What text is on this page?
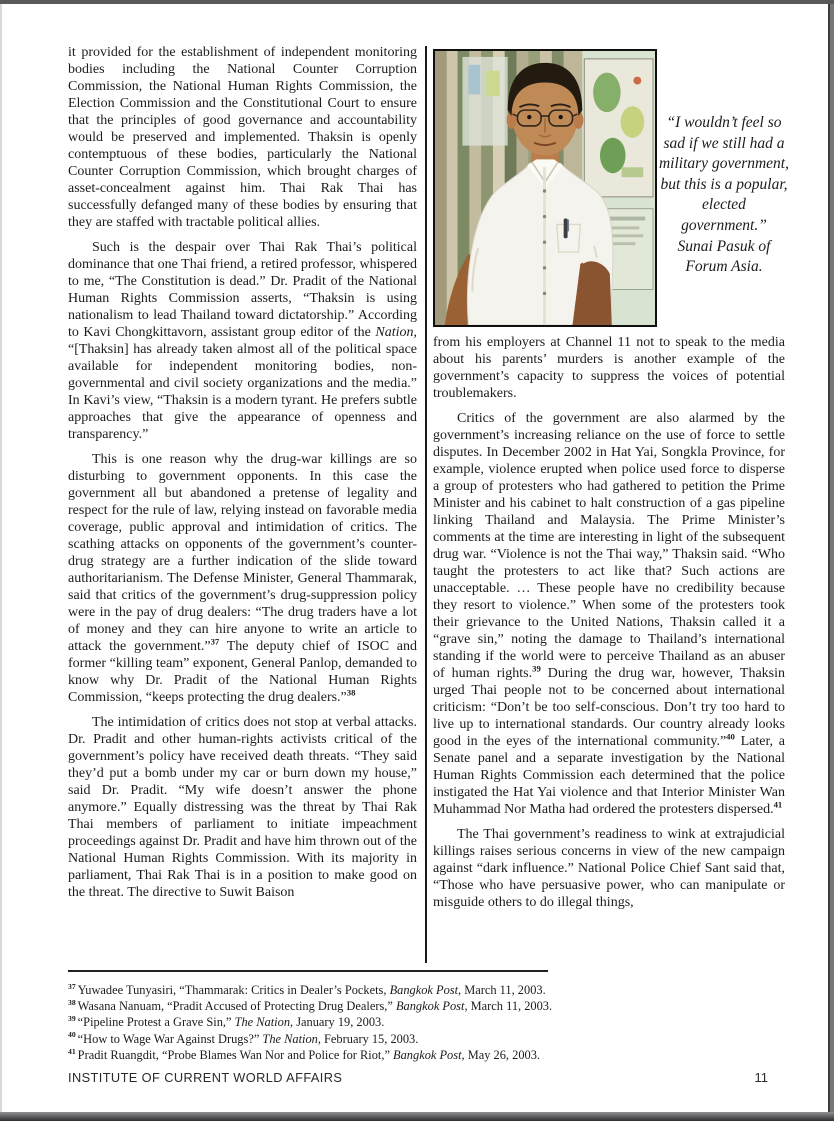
it provided for the establishment of independent monitoring bodies including the National Counter Corruption Commission, the National Human Rights Commission, the Election Commission and the Constitutional Court to ensure that the principles of good governance and accountability would be preserved and implemented. Thaksin is openly contemptuous of these bodies, particularly the National Counter Corruption Commission, which brought charges of asset-concealment against him. Thai Rak Thai has successfully defanged many of these bodies by ensuring that they are staffed with tractable political allies.

Such is the despair over Thai Rak Thai’s political dominance that one Thai friend, a retired professor, whispered to me, “The Constitution is dead.” Dr. Pradit of the National Human Rights Commission asserts, “Thaksin is using nationalism to lead Thailand toward dictatorship.” According to Kavi Chongkittavorn, assistant group editor of the Nation, “[Thaksin] has already taken almost all of the political space available for independent monitoring bodies, non-governmental and civil society organizations and the media.” In Kavi’s view, “Thaksin is a modern tyrant. He prefers subtle approaches that give the appearance of openness and transparency.”

This is one reason why the drug-war killings are so disturbing to government opponents. In this case the government all but abandoned a pretense of legality and respect for the rule of law, relying instead on favorable media coverage, public approval and intimidation of critics. The scathing attacks on opponents of the government’s counter-drug strategy are a further indication of the slide toward authoritarianism. The Defense Minister, General Thammarak, said that critics of the government’s drug-suppression policy were in the pay of drug dealers: “The drug traders have a lot of money and they can hire anyone to write an article to attack the government.”$^{37}$ The deputy chief of ISOC and former “killing team” exponent, General Panlop, demanded to know why Dr. Pradit of the National Human Rights Commission, “keeps protecting the drug dealers.”$^{38}$

The intimidation of critics does not stop at verbal attacks. Dr. Pradit and other human-rights activists critical of the government’s policy have received death threats. “They said they’d put a bomb under my car or burn down my house,” said Dr. Pradit. “My wife doesn’t answer the phone anymore.” Equally distressing was the threat by Thai Rak Thai members of parliament to initiate impeachment proceedings against Dr. Pradit and have him thrown out of the National Human Rights Commission. With its majority in parliament, Thai Rak Thai is in a position to make good on the threat. The directive to Suwit Baison

“I wouldn’t feel so sad if we still had a military government, but this is a popular, elected government.”
Sunai Pasuk of Forum Asia.

from his employers at Channel 11 not to speak to the media about his parents’ murders is another example of the government’s capacity to suppress the voices of potential troublemakers.

Critics of the government are also alarmed by the government’s increasing reliance on the use of force to settle disputes. In December 2002 in Hat Yai, Songkla Province, for example, violence erupted when police used force to disperse a group of protesters who had gathered to petition the Prime Minister and his cabinet to halt construction of a gas pipeline linking Thailand and Malaysia. The Prime Minister’s comments at the time are interesting in light of the subsequent drug war. “Violence is not the Thai way,” Thaksin said. “Who taught the protesters to act like that? Such actions are unacceptable. … These people have no credibility because they resort to violence.” When some of the protesters took their grievance to the United Nations, Thaksin called it a “grave sin,” noting the damage to Thailand’s international standing if the world were to perceive Thailand as an abuser of human rights.$^{39}$ During the drug war, however, Thaksin urged Thai people not to be concerned about international criticism: “Don’t be too self-conscious. Don’t try too hard to live up to international standards. Our country already looks good in the eyes of the international community.”$^{40}$ Later, a Senate panel and a separate investigation by the National Human Rights Commission each determined that the police instigated the Hat Yai violence and that Interior Minister Wan Muhammad Nor Matha had ordered the protesters dispersed.$^{41}$

The Thai government’s readiness to wink at extrajudicial killings raises serious concerns in view of the new campaign against “dark influence.” National Police Chief Sant said that, “Those who have persuasive power, who can manipulate or misguide others to do illegal things,

$^{37}$ Yuwadee Tunyasiri, “Thammarak: Critics in Dealer’s Pockets, Bangkok Post, March 11, 2003.

$^{38}$ Wasana Nanuam, “Pradit Accused of Protecting Drug Dealers,” Bangkok Post, March 11, 2003.

$^{39}$ “Pipeline Protest a Grave Sin,” The Nation, January 19, 2003.

$^{40}$ “How to Wage War Against Drugs?” The Nation, February 15, 2003.

$^{41}$ Pradit Ruangdit, “Probe Blames Wan Nor and Police for Riot,” Bangkok Post, May 26, 2003.

INSTITUTE OF CURRENT WORLD AFFAIRS	11
